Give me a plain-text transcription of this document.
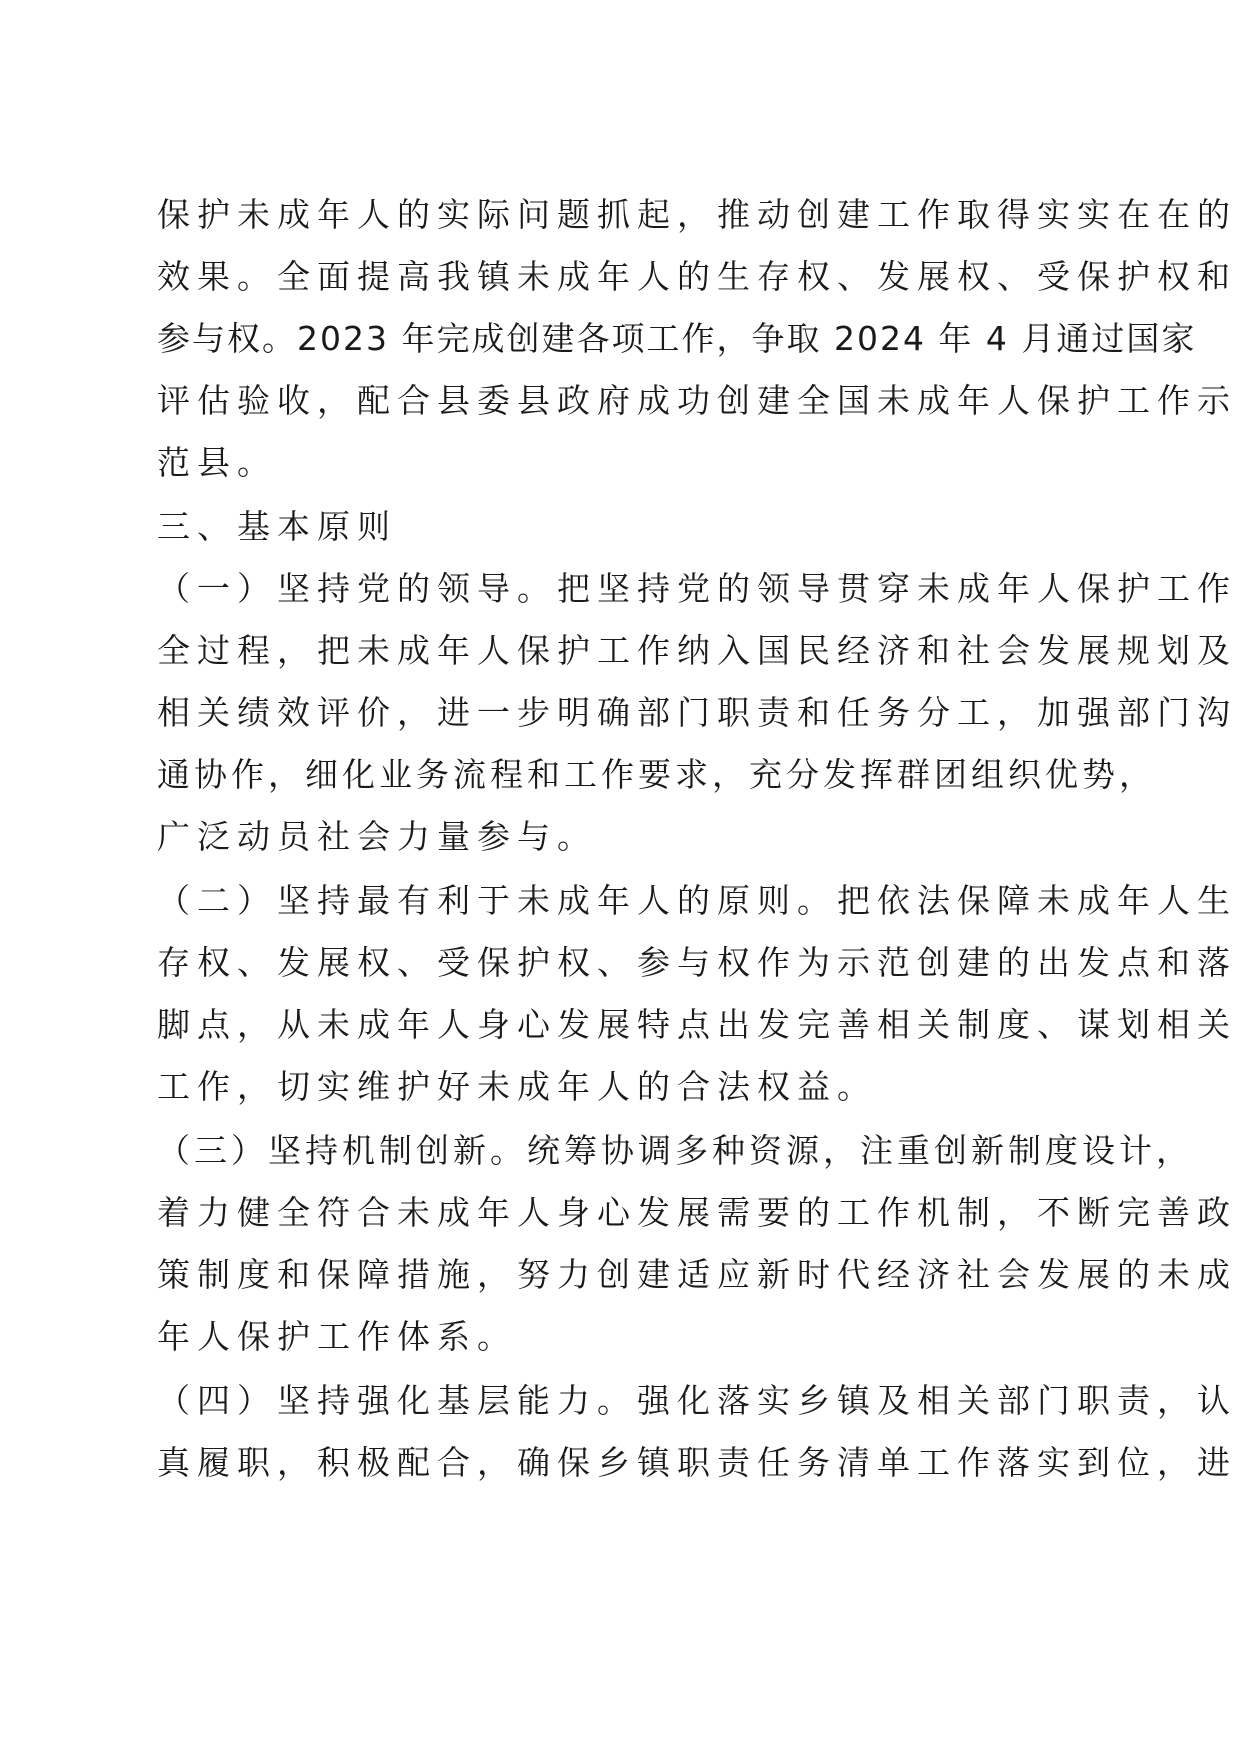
保护未成年人的实际问题抓起，推动创建工作取得实实在在的
效果。全面提高我镇未成年人的生存权、发展权、受保护权和
参与权。2023 年完成创建各项工作，争取 2024 年 4 月通过国家
评估验收，配合县委县政府成功创建全国未成年人保护工作示
范县。
三、基本原则
（一）坚持党的领导。把坚持党的领导贯穿未成年人保护工作
全过程，把未成年人保护工作纳入国民经济和社会发展规划及
相关绩效评价，进一步明确部门职责和任务分工，加强部门沟
通协作，细化业务流程和工作要求，充分发挥群团组织优势，
广泛动员社会力量参与。
（二）坚持最有利于未成年人的原则。把依法保障未成年人生
存权、发展权、受保护权、参与权作为示范创建的出发点和落
脚点，从未成年人身心发展特点出发完善相关制度、谋划相关
工作，切实维护好未成年人的合法权益。
（三）坚持机制创新。统筹协调多种资源，注重创新制度设计，
着力健全符合未成年人身心发展需要的工作机制，不断完善政
策制度和保障措施，努力创建适应新时代经济社会发展的未成
年人保护工作体系。
（四）坚持强化基层能力。强化落实乡镇及相关部门职责，认
真履职，积极配合，确保乡镇职责任务清单工作落实到位，进
